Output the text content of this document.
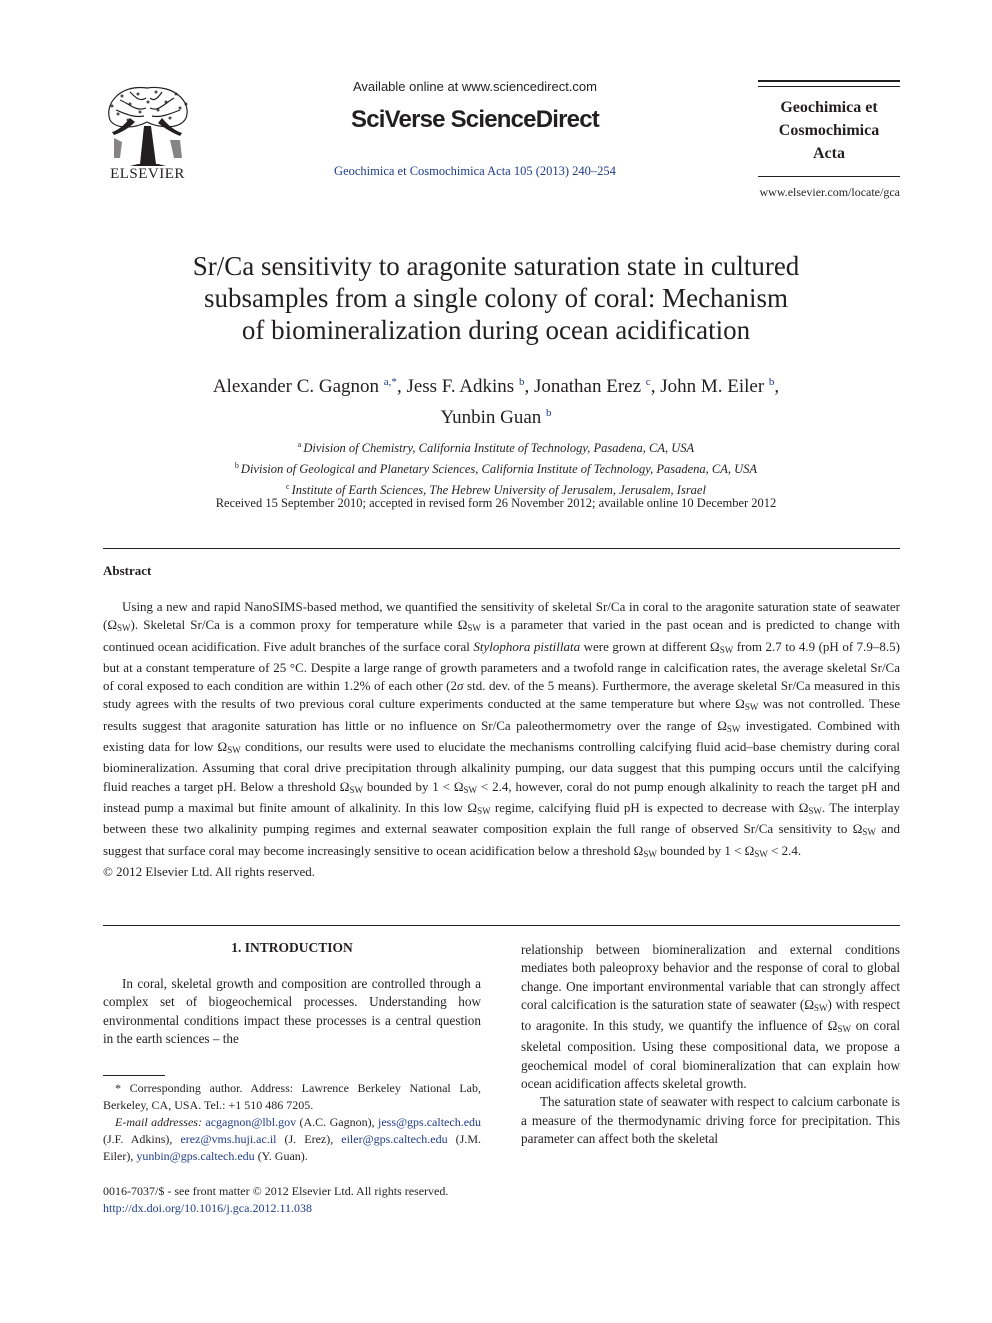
ELSEVIER
Available online at www.sciencedirect.com
SciVerse ScienceDirect
Geochimica et Cosmochimica Acta 105 (2013) 240–254
Geochimica et
Cosmochimica
Acta
www.elsevier.com/locate/gca
Sr/Ca sensitivity to aragonite saturation state in cultured
subsamples from a single colony of coral: Mechanism
of biomineralization during ocean acidification
Alexander C. Gagnon $^{a,*}$, Jess F. Adkins $^b$, Jonathan Erez $^c$, John M. Eiler $^b$,
Yunbin Guan $^b$
$^a$ Division of Chemistry, California Institute of Technology, Pasadena, CA, USA
$^b$ Division of Geological and Planetary Sciences, California Institute of Technology, Pasadena, CA, USA
$^c$ Institute of Earth Sciences, The Hebrew University of Jerusalem, Jerusalem, Israel
Received 15 September 2010; accepted in revised form 26 November 2012; available online 10 December 2012
Abstract

Using a new and rapid NanoSIMS-based method, we quantified the sensitivity of skeletal Sr/Ca in coral to the aragonite saturation state of seawater $(\Omega_{SW})$. Skeletal Sr/Ca is a common proxy for temperature while $\Omega_{SW}$ is a parameter that varied in the past ocean and is predicted to change with continued ocean acidification. Five adult branches of the surface coral Stylophora pistillata were grown at different $\Omega_{SW}$ from 2.7 to 4.9 (pH of 7.9–8.5) but at a constant temperature of 25 °C. Despite a large range of growth parameters and a twofold range in calcification rates, the average skeletal Sr/Ca of coral exposed to each condition are within 1.2% of each other (2σ std. dev. of the 5 means). Furthermore, the average skeletal Sr/Ca measured in this study agrees with the results of two previous coral culture experiments conducted at the same temperature but where $\Omega_{SW}$ was not controlled. These results suggest that aragonite saturation has little or no influence on Sr/Ca paleothermometry over the range of $\Omega_{SW}$ investigated. Combined with existing data for low $\Omega_{SW}$ conditions, our results were used to elucidate the mechanisms controlling calcifying fluid acid–base chemistry during coral biomineralization. Assuming that coral drive precipitation through alkalinity pumping, our data suggest that this pumping occurs until the calcifying fluid reaches a target pH. Below a threshold $\Omega_{SW}$ bounded by $1 < \Omega_{SW} < 2.4$, however, coral do not pump enough alkalinity to reach the target pH and instead pump a maximal but finite amount of alkalinity. In this low $\Omega_{SW}$ regime, calcifying fluid pH is expected to decrease with $\Omega_{SW}$. The interplay between these two alkalinity pumping regimes and external seawater composition explain the full range of observed Sr/Ca sensitivity to $\Omega_{SW}$ and suggest that surface coral may become increasingly sensitive to ocean acidification below a threshold $\Omega_{SW}$ bounded by $1 < \Omega_{SW} < 2.4$.

© 2012 Elsevier Ltd. All rights reserved.

1. INTRODUCTION

In coral, skeletal growth and composition are controlled through a complex set of biogeochemical processes. Understanding how environmental conditions impact these processes is a central question in the earth sciences – the

relationship between biomineralization and external conditions mediates both paleoproxy behavior and the response of coral to global change. One important environmental variable that can strongly affect coral calcification is the saturation state of seawater $(\Omega_{SW})$ with respect to aragonite. In this study, we quantify the influence of $\Omega_{SW}$ on coral skeletal composition. Using these compositional data, we propose a geochemical model of coral biomineralization that can explain how ocean acidification affects skeletal growth.

The saturation state of seawater with respect to calcium carbonate is a measure of the thermodynamic driving force for precipitation. This parameter can affect both the skeletal

* Corresponding author. Address: Lawrence Berkeley National Lab, Berkeley, CA, USA. Tel.: +1 510 486 7205.

E-mail addresses: acgagnon@lbl.gov (A.C. Gagnon), jess@gps.caltech.edu (J.F. Adkins), erez@vms.huji.ac.il (J. Erez), eiler@gps.caltech.edu (J.M. Eiler), yunbin@gps.caltech.edu (Y. Guan).

0016-7037/$ - see front matter © 2012 Elsevier Ltd. All rights reserved.
http://dx.doi.org/10.1016/j.gca.2012.11.038
